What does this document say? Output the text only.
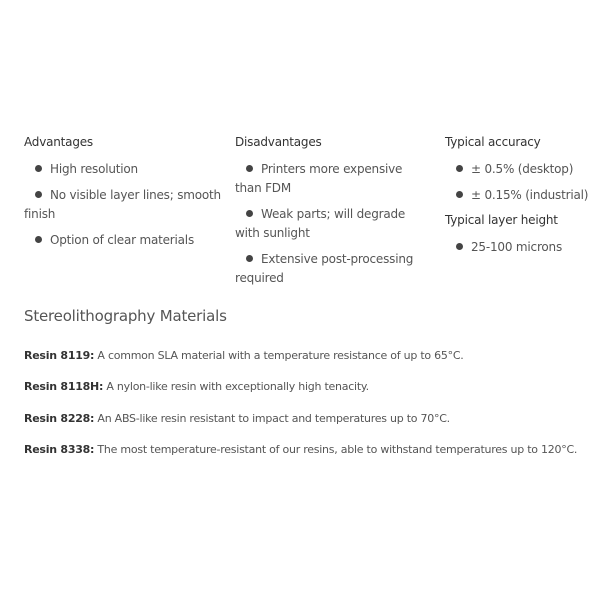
Advantages
High resolution
No visible layer lines; smooth finish
Option of clear materials
Disadvantages
Printers more expensive than FDM
Weak parts; will degrade with sunlight
Extensive post-processing required
Typical accuracy
± 0.5% (desktop)
± 0.15% (industrial)
Typical layer height
25-100 microns
Stereolithography Materials
Resin 8119: A common SLA material with a temperature resistance of up to 65°C.
Resin 8118H: A nylon-like resin with exceptionally high tenacity.
Resin 8228: An ABS-like resin resistant to impact and temperatures up to 70°C.
Resin 8338: The most temperature-resistant of our resins, able to withstand temperatures up to 120°C.
